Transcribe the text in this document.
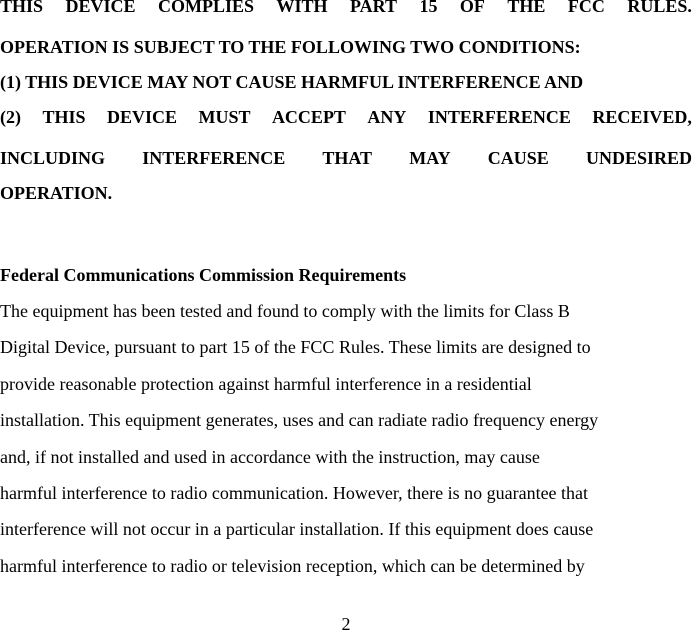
THIS DEVICE COMPLIES WITH PART 15 OF THE FCC RULES.
OPERATION IS SUBJECT TO THE FOLLOWING TWO CONDITIONS:
(1) THIS DEVICE MAY NOT CAUSE HARMFUL INTERFERENCE AND
(2) THIS DEVICE MUST ACCEPT ANY INTERFERENCE RECEIVED,
INCLUDING INTERFERENCE THAT MAY CAUSE UNDESIRED
OPERATION.
Federal Communications Commission Requirements
The equipment has been tested and found to comply with the limits for Class B
Digital Device, pursuant to part 15 of the FCC Rules. These limits are designed to
provide reasonable protection against harmful interference in a residential
installation. This equipment generates, uses and can radiate radio frequency energy
and, if not installed and used in accordance with the instruction, may cause
harmful interference to radio communication. However, there is no guarantee that
interference will not occur in a particular installation. If this equipment does cause
harmful interference to radio or television reception, which can be determined by
2
